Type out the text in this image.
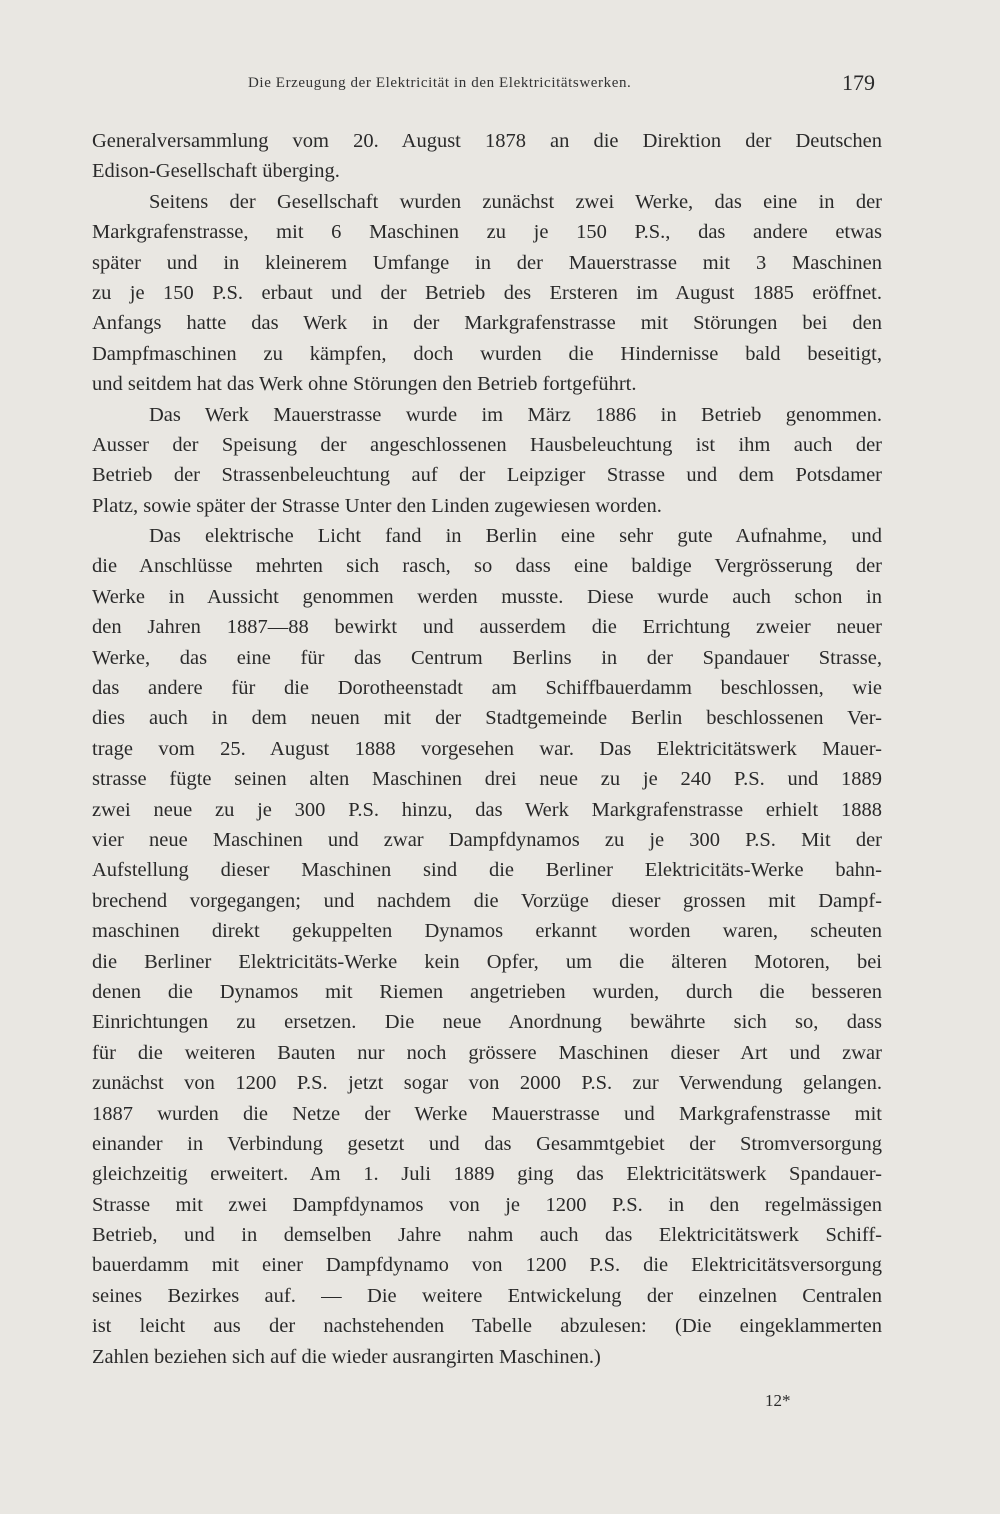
Die Erzeugung der Elektricität in den Elektricitätswerken.	179
Generalversammlung vom 20. August 1878 an die Direktion der Deutschen
Edison-Gesellschaft überging.
Seitens der Gesellschaft wurden zunächst zwei Werke, das eine in der
Markgrafenstrasse, mit 6 Maschinen zu je 150 P.S., das andere etwas
später und in kleinerem Umfange in der Mauerstrasse mit 3 Maschinen
zu je 150 P.S. erbaut und der Betrieb des Ersteren im August 1885 eröffnet.
Anfangs hatte das Werk in der Markgrafenstrasse mit Störungen bei den
Dampfmaschinen zu kämpfen, doch wurden die Hindernisse bald beseitigt,
und seitdem hat das Werk ohne Störungen den Betrieb fortgeführt.
Das Werk Mauerstrasse wurde im März 1886 in Betrieb genommen.
Ausser der Speisung der angeschlossenen Hausbeleuchtung ist ihm auch der
Betrieb der Strassenbeleuchtung auf der Leipziger Strasse und dem Potsdamer
Platz, sowie später der Strasse Unter den Linden zugewiesen worden.
Das elektrische Licht fand in Berlin eine sehr gute Aufnahme, und
die Anschlüsse mehrten sich rasch, so dass eine baldige Vergrösserung der
Werke in Aussicht genommen werden musste. Diese wurde auch schon in
den Jahren 1887—88 bewirkt und ausserdem die Errichtung zweier neuer
Werke, das eine für das Centrum Berlins in der Spandauer Strasse,
das andere für die Dorotheenstadt am Schiffbauerdamm beschlossen, wie
dies auch in dem neuen mit der Stadtgemeinde Berlin beschlossenen Ver-
trage vom 25. August 1888 vorgesehen war. Das Elektricitätswerk Mauer-
strasse fügte seinen alten Maschinen drei neue zu je 240 P.S. und 1889
zwei neue zu je 300 P.S. hinzu, das Werk Markgrafenstrasse erhielt 1888
vier neue Maschinen und zwar Dampfdynamos zu je 300 P.S. Mit der
Aufstellung dieser Maschinen sind die Berliner Elektricitäts-Werke bahn-
brechend vorgegangen; und nachdem die Vorzüge dieser grossen mit Dampf-
maschinen direkt gekuppelten Dynamos erkannt worden waren, scheuten
die Berliner Elektricitäts-Werke kein Opfer, um die älteren Motoren, bei
denen die Dynamos mit Riemen angetrieben wurden, durch die besseren
Einrichtungen zu ersetzen. Die neue Anordnung bewährte sich so, dass
für die weiteren Bauten nur noch grössere Maschinen dieser Art und zwar
zunächst von 1200 P.S. jetzt sogar von 2000 P.S. zur Verwendung gelangen.
1887 wurden die Netze der Werke Mauerstrasse und Markgrafenstrasse mit
einander in Verbindung gesetzt und das Gesammtgebiet der Stromversorgung
gleichzeitig erweitert. Am 1. Juli 1889 ging das Elektricitätswerk Spandauer-
Strasse mit zwei Dampfdynamos von je 1200 P.S. in den regelmässigen
Betrieb, und in demselben Jahre nahm auch das Elektricitätswerk Schiff-
bauerdamm mit einer Dampfdynamo von 1200 P.S. die Elektricitätsversorgung
seines Bezirkes auf. — Die weitere Entwickelung der einzelnen Centralen
ist leicht aus der nachstehenden Tabelle abzulesen: (Die eingeklammerten
Zahlen beziehen sich auf die wieder ausrangirten Maschinen.)
12*
